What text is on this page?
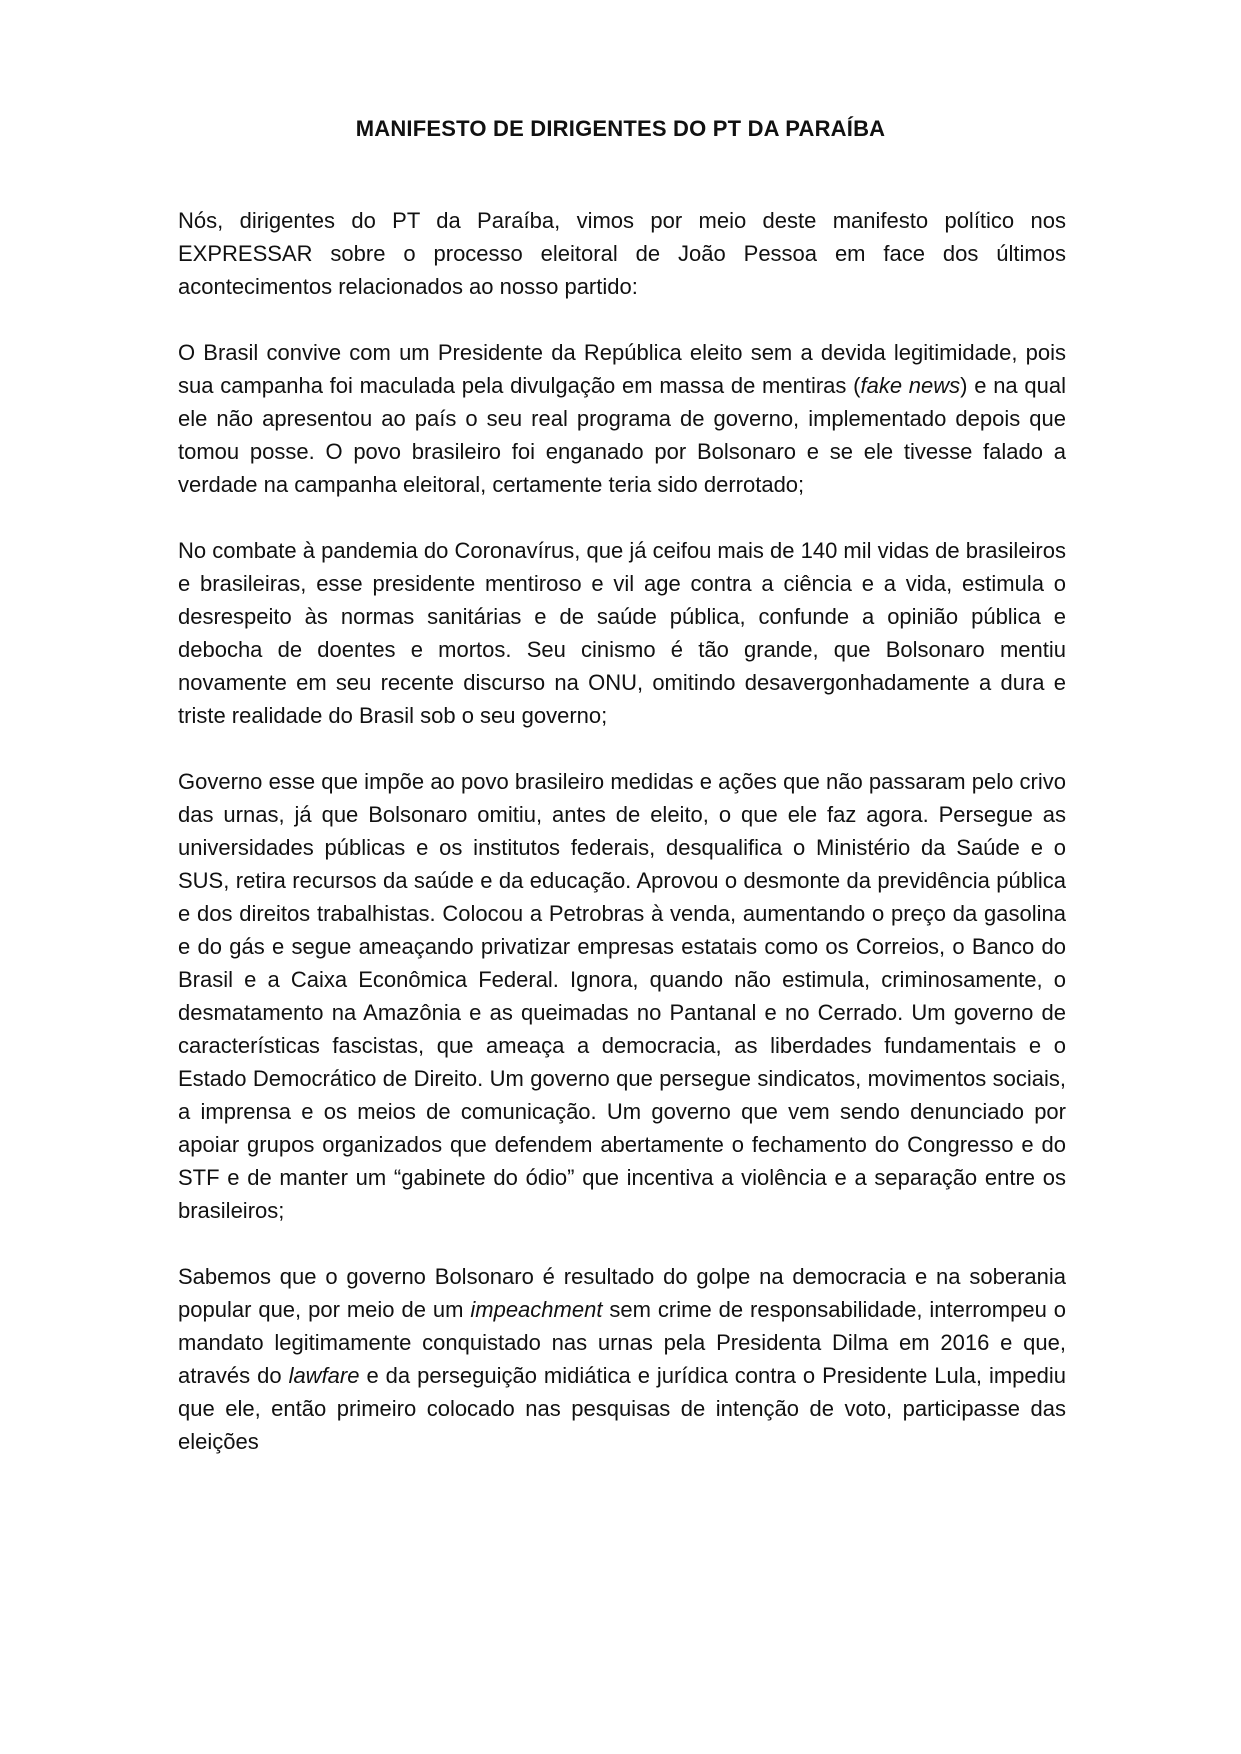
MANIFESTO DE DIRIGENTES DO PT DA PARAÍBA

Nós, dirigentes do PT da Paraíba, vimos por meio deste manifesto político nos EXPRESSAR sobre o processo eleitoral de João Pessoa em face dos últimos acontecimentos relacionados ao nosso partido:

O Brasil convive com um Presidente da República eleito sem a devida legitimidade, pois sua campanha foi maculada pela divulgação em massa de mentiras (fake news) e na qual ele não apresentou ao país o seu real programa de governo, implementado depois que tomou posse. O povo brasileiro foi enganado por Bolsonaro e se ele tivesse falado a verdade na campanha eleitoral, certamente teria sido derrotado;

No combate à pandemia do Coronavírus, que já ceifou mais de 140 mil vidas de brasileiros e brasileiras, esse presidente mentiroso e vil age contra a ciência e a vida, estimula o desrespeito às normas sanitárias e de saúde pública, confunde a opinião pública e debocha de doentes e mortos. Seu cinismo é tão grande, que Bolsonaro mentiu novamente em seu recente discurso na ONU, omitindo desavergonhadamente a dura e triste realidade do Brasil sob o seu governo;

Governo esse que impõe ao povo brasileiro medidas e ações que não passaram pelo crivo das urnas, já que Bolsonaro omitiu, antes de eleito, o que ele faz agora. Persegue as universidades públicas e os institutos federais, desqualifica o Ministério da Saúde e o SUS, retira recursos da saúde e da educação. Aprovou o desmonte da previdência pública e dos direitos trabalhistas. Colocou a Petrobras à venda, aumentando o preço da gasolina e do gás e segue ameaçando privatizar empresas estatais como os Correios, o Banco do Brasil e a Caixa Econômica Federal. Ignora, quando não estimula, criminosamente, o desmatamento na Amazônia e as queimadas no Pantanal e no Cerrado. Um governo de características fascistas, que ameaça a democracia, as liberdades fundamentais e o Estado Democrático de Direito. Um governo que persegue sindicatos, movimentos sociais, a imprensa e os meios de comunicação. Um governo que vem sendo denunciado por apoiar grupos organizados que defendem abertamente o fechamento do Congresso e do STF e de manter um “gabinete do ódio” que incentiva a violência e a separação entre os brasileiros;

Sabemos que o governo Bolsonaro é resultado do golpe na democracia e na soberania popular que, por meio de um impeachment sem crime de responsabilidade, interrompeu o mandato legitimamente conquistado nas urnas pela Presidenta Dilma em 2016 e que, através do lawfare e da perseguição midiática e jurídica contra o Presidente Lula, impediu que ele, então primeiro colocado nas pesquisas de intenção de voto, participasse das eleições
